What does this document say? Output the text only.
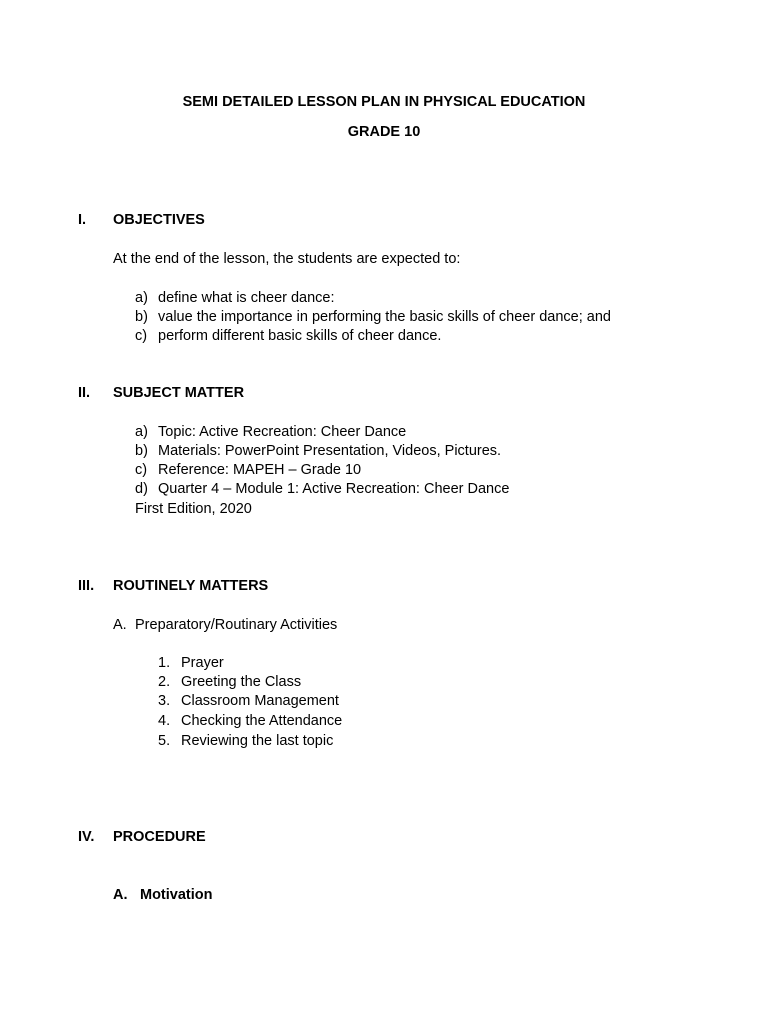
SEMI DETAILED LESSON PLAN IN PHYSICAL EDUCATION
GRADE 10
I. OBJECTIVES
At the end of the lesson, the students are expected to:
a) define what is cheer dance:
b) value the importance in performing the basic skills of cheer dance; and
c) perform different basic skills of cheer dance.
II. SUBJECT MATTER
a) Topic: Active Recreation: Cheer Dance
b) Materials: PowerPoint Presentation, Videos, Pictures.
c) Reference: MAPEH – Grade 10
d) Quarter 4 – Module 1: Active Recreation: Cheer Dance
First Edition, 2020
III. ROUTINELY MATTERS
A. Preparatory/Routinary Activities
1. Prayer
2. Greeting the Class
3. Classroom Management
4. Checking the Attendance
5. Reviewing the last topic
IV. PROCEDURE
A. Motivation
